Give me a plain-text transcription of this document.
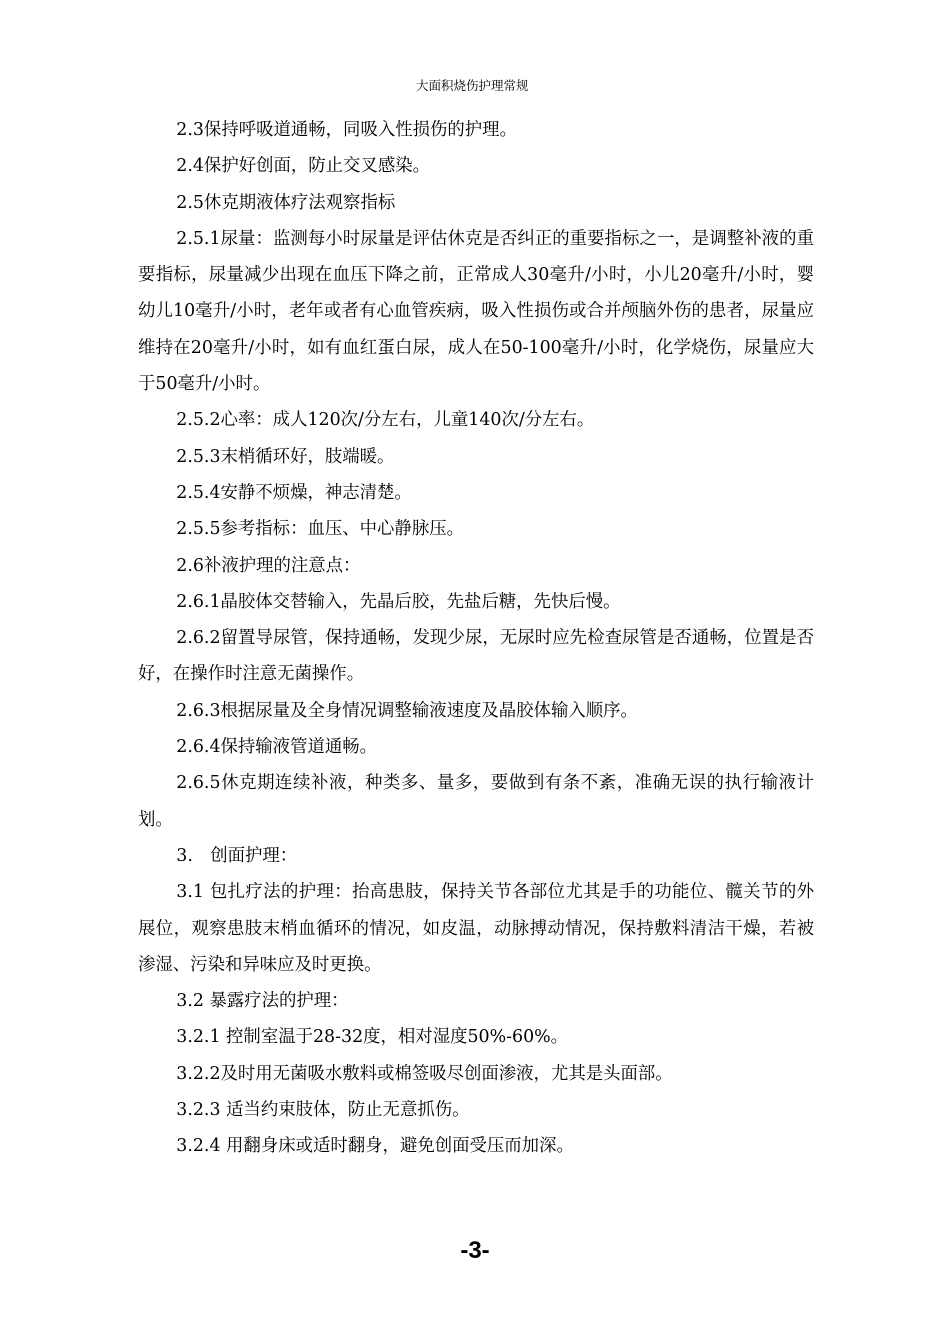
大面积烧伤护理常规

2.3保持呼吸道通畅，同吸入性损伤的护理。

2.4保护好创面，防止交叉感染。

2.5休克期液体疗法观察指标

2.5.1尿量：监测每小时尿量是评估休克是否纠正的重要指标之一，是调整补液的重要指标，尿量减少出现在血压下降之前，正常成人30毫升/小时，小儿20毫升/小时，婴幼儿10毫升/小时，老年或者有心血管疾病，吸入性损伤或合并颅脑外伤的患者，尿量应维持在20毫升/小时，如有血红蛋白尿，成人在50-100毫升/小时，化学烧伤，尿量应大于50毫升/小时。

2.5.2心率：成人120次/分左右，儿童140次/分左右。

2.5.3末梢循环好，肢端暖。

2.5.4安静不烦燥，神志清楚。

2.5.5参考指标：血压、中心静脉压。

2.6补液护理的注意点：

2.6.1晶胶体交替输入，先晶后胶，先盐后糖，先快后慢。

2.6.2留置导尿管，保持通畅，发现少尿，无尿时应先检查尿管是否通畅，位置是否好，在操作时注意无菌操作。

2.6.3根据尿量及全身情况调整输液速度及晶胶体输入顺序。

2.6.4保持输液管道通畅。

2.6.5休克期连续补液，种类多、量多，要做到有条不紊，准确无误的执行输液计划。

3.　创面护理：

3.1 包扎疗法的护理：抬高患肢，保持关节各部位尤其是手的功能位、髋关节的外展位，观察患肢末梢血循环的情况，如皮温，动脉搏动情况，保持敷料清洁干燥，若被渗湿、污染和异味应及时更换。

3.2 暴露疗法的护理：

3.2.1 控制室温于28-32度，相对湿度50%-60%。

3.2.2及时用无菌吸水敷料或棉签吸尽创面渗液，尤其是头面部。

3.2.3 适当约束肢体，防止无意抓伤。

3.2.4 用翻身床或适时翻身，避免创面受压而加深。

-3-
